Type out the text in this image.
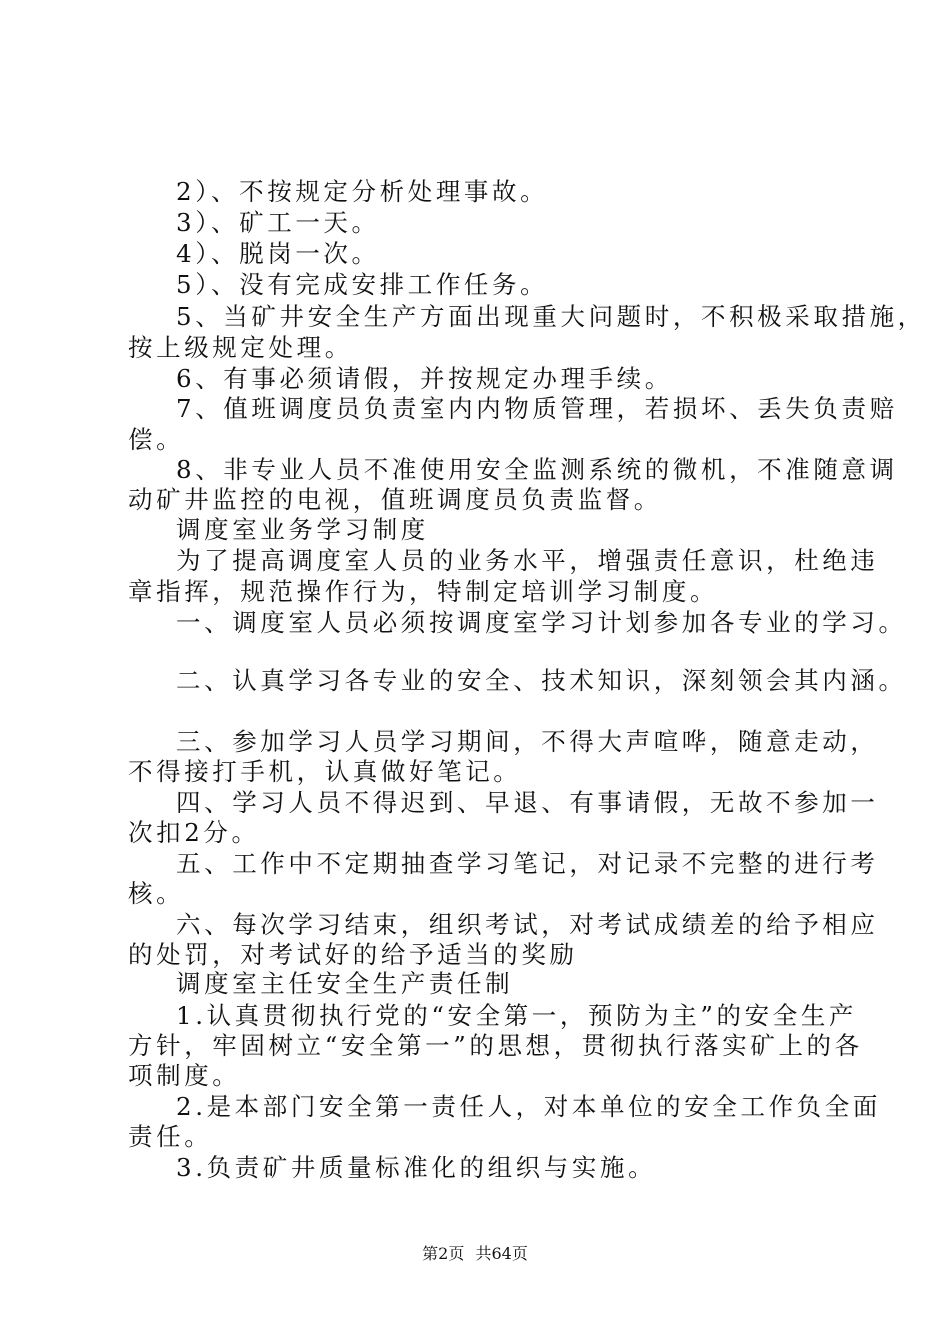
2）、不按规定分析处理事故。
3）、矿工一天。
4）、脱岗一次。
5）、没有完成安排工作任务。
5、当矿井安全生产方面出现重大问题时，不积极采取措施，
按上级规定处理。
6、有事必须请假，并按规定办理手续。
7、值班调度员负责室内内物质管理，若损坏、丢失负责赔
偿。
8、非专业人员不准使用安全监测系统的微机，不准随意调
动矿井监控的电视，值班调度员负责监督。
调度室业务学习制度
为了提高调度室人员的业务水平，增强责任意识，杜绝违
章指挥，规范操作行为，特制定培训学习制度。
一、调度室人员必须按调度室学习计划参加各专业的学习。
二、认真学习各专业的安全、技术知识，深刻领会其内涵。
三、参加学习人员学习期间，不得大声喧哗，随意走动，
不得接打手机，认真做好笔记。
四、学习人员不得迟到、早退、有事请假，无故不参加一
次扣2分。
五、工作中不定期抽查学习笔记，对记录不完整的进行考
核。
六、每次学习结束，组织考试，对考试成绩差的给予相应
的处罚，对考试好的给予适当的奖励
调度室主任安全生产责任制
1.认真贯彻执行党的“安全第一，预防为主”的安全生产
方针，牢固树立“安全第一”的思想，贯彻执行落实矿上的各
项制度。
2.是本部门安全第一责任人，对本单位的安全工作负全面
责任。
3.负责矿井质量标准化的组织与实施。
第2页 共64页
